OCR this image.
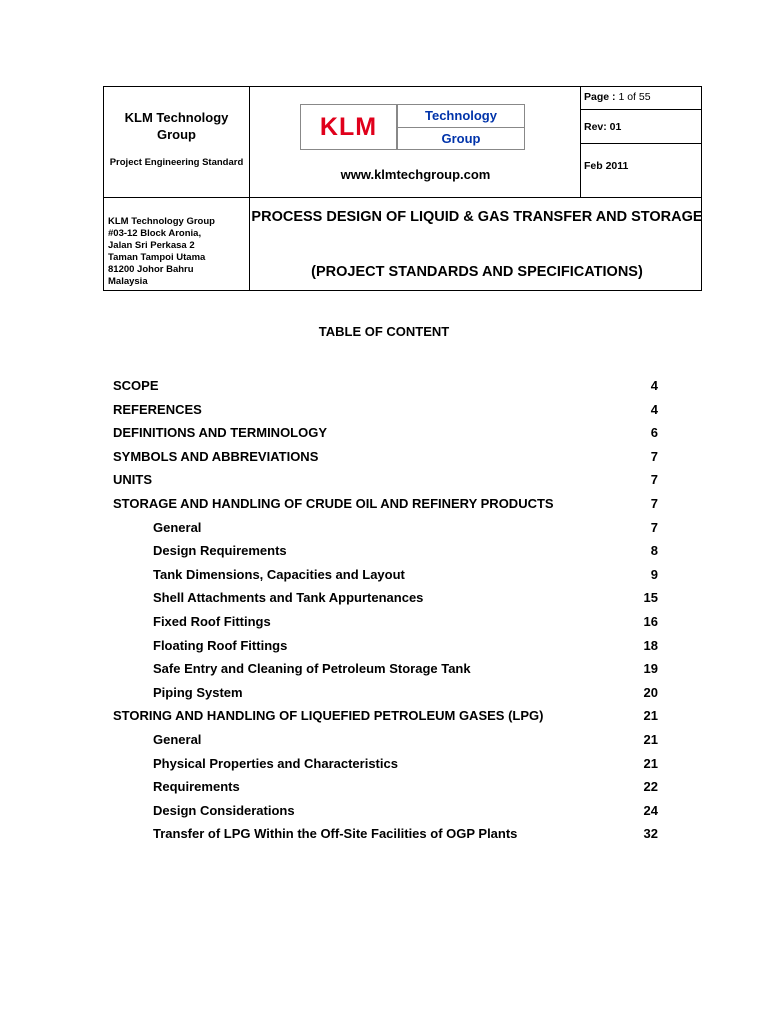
KLM Technology Group
Project Engineering Standard
KLM	Technology
Group
www.klmtechgroup.com
Page : 1 of 55
Rev: 01
Feb 2011
KLM Technology Group
#03-12 Block Aronia,
Jalan Sri Perkasa 2
Taman Tampoi Utama
81200 Johor Bahru
Malaysia
PROCESS DESIGN OF LIQUID & GAS TRANSFER AND STORAGE
(PROJECT STANDARDS AND SPECIFICATIONS)
TABLE OF CONTENT
SCOPE	4
REFERENCES	4
DEFINITIONS AND TERMINOLOGY	6
SYMBOLS AND ABBREVIATIONS	7
UNITS	7
STORAGE AND HANDLING OF CRUDE OIL AND REFINERY PRODUCTS	7
General	7
Design Requirements	8
Tank Dimensions, Capacities and Layout	9
Shell Attachments and Tank Appurtenances	15
Fixed Roof Fittings	16
Floating Roof Fittings	18
Safe Entry and Cleaning of Petroleum Storage Tank	19
Piping System	20
STORING AND HANDLING OF LIQUEFIED PETROLEUM GASES (LPG)	21
General	21
Physical Properties and Characteristics	21
Requirements	22
Design Considerations	24
Transfer of LPG Within the Off-Site Facilities of OGP Plants	32
